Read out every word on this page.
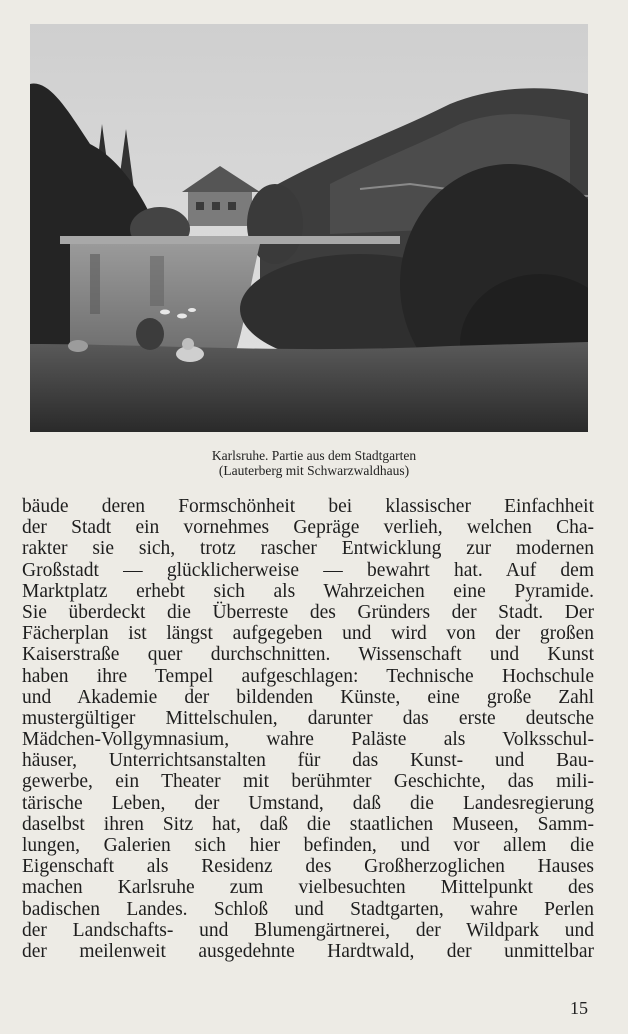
Karlsruhe. Partie aus dem Stadtgarten
(Lauterberg mit Schwarzwaldhaus)
bäude deren Formschönheit bei klassischer Einfachheit
der Stadt ein vornehmes Gepräge verlieh, welchen Cha-
rakter sie sich, trotz rascher Entwicklung zur modernen
Großstadt — glücklicherweise — bewahrt hat. Auf dem
Marktplatz erhebt sich als Wahrzeichen eine Pyramide.
Sie überdeckt die Überreste des Gründers der Stadt. Der
Fächerplan ist längst aufgegeben und wird von der großen
Kaiserstraße quer durchschnitten. Wissenschaft und Kunst
haben ihre Tempel aufgeschlagen: Technische Hochschule
und Akademie der bildenden Künste, eine große Zahl
mustergültiger Mittelschulen, darunter das erste deutsche
Mädchen-Vollgymnasium, wahre Paläste als Volksschul-
häuser, Unterrichtsanstalten für das Kunst- und Bau-
gewerbe, ein Theater mit berühmter Geschichte, das mili-
tärische Leben, der Umstand, daß die Landesregierung
daselbst ihren Sitz hat, daß die staatlichen Museen, Samm-
lungen, Galerien sich hier befinden, und vor allem die
Eigenschaft als Residenz des Großherzoglichen Hauses
machen Karlsruhe zum vielbesuchten Mittelpunkt des
badischen Landes. Schloß und Stadtgarten, wahre Perlen
der Landschafts- und Blumengärtnerei, der Wildpark und
der meilenweit ausgedehnte Hardtwald, der unmittelbar
15
